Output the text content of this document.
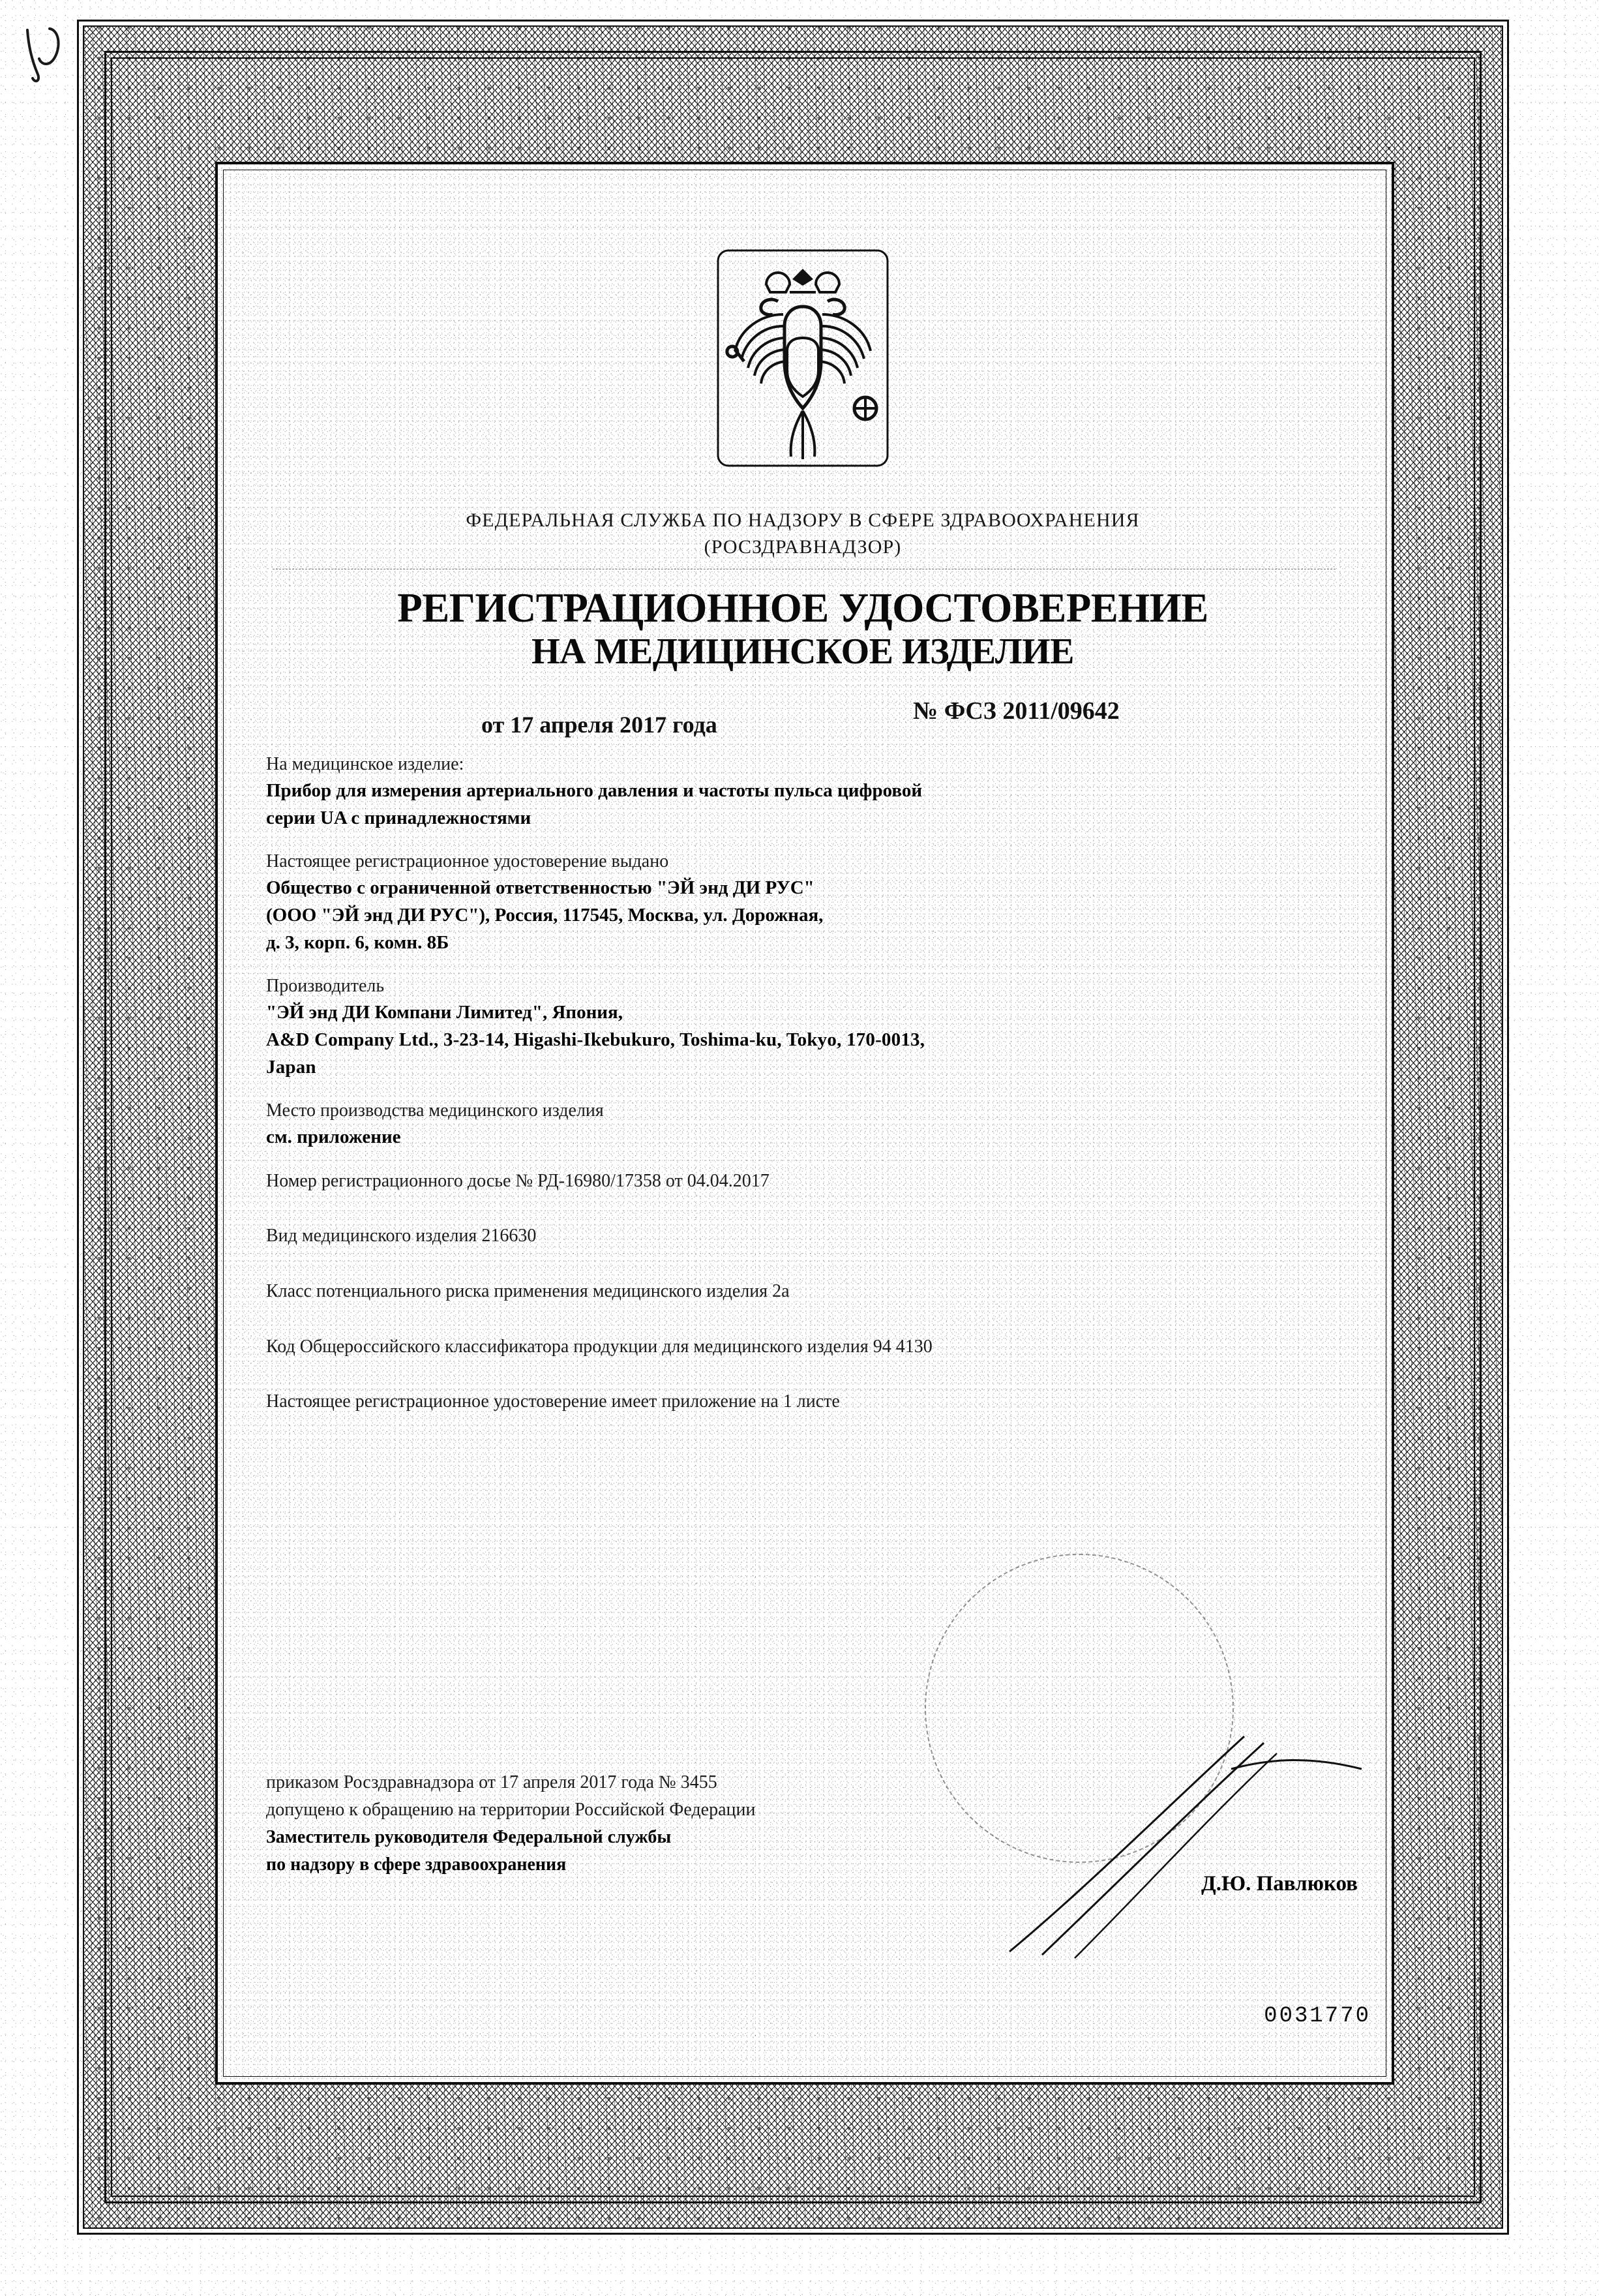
ФЕДЕРАЛЬНАЯ СЛУЖБА ПО НАДЗОРУ В СФЕРЕ ЗДРАВООХРАНЕНИЯ
(РОСЗДРАВНАДЗОР)
РЕГИСТРАЦИОННОЕ УДОСТОВЕРЕНИЕ
НА МЕДИЦИНСКОЕ ИЗДЕЛИЕ
от 17 апреля 2017 года	№ ФСЗ 2011/09642
На медицинское изделие:
Прибор для измерения артериального давления и частоты пульса цифровой
серии UA с принадлежностями
Настоящее регистрационное удостоверение выдано
Общество с ограниченной ответственностью "ЭЙ энд ДИ РУС"
(ООО "ЭЙ энд ДИ РУС"), Россия, 117545, Москва, ул. Дорожная,
д. 3, корп. 6, комн. 8Б
Производитель
"ЭЙ энд ДИ Компани Лимитед", Япония,
A&D Company Ltd., 3-23-14, Higashi-Ikebukuro, Toshima-ku, Tokyo, 170-0013,
Japan
Место производства медицинского изделия
см. приложение
Номер регистрационного досье № РД-16980/17358 от 04.04.2017
Вид медицинского изделия 216630
Класс потенциального риска применения медицинского изделия 2а
Код Общероссийского классификатора продукции для медицинского изделия 94 4130
Настоящее регистрационное удостоверение имеет приложение на 1 листе
приказом Росздравнадзора от 17 апреля 2017 года № 3455
допущено к обращению на территории Российской Федерации
Заместитель руководителя Федеральной службы
по надзору в сфере здравоохранения
Д.Ю. Павлюков
0031770
